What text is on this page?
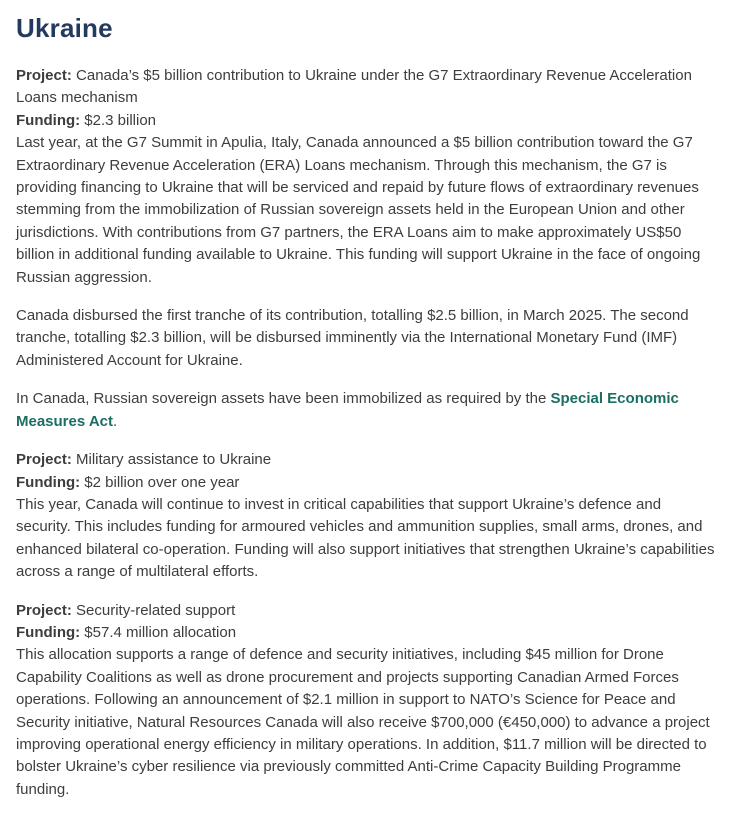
Ukraine

Project: Canada’s $5 billion contribution to Ukraine under the G7 Extraordinary Revenue Acceleration Loans mechanism
Funding: $2.3 billion
Last year, at the G7 Summit in Apulia, Italy, Canada announced a $5 billion contribution toward the G7 Extraordinary Revenue Acceleration (ERA) Loans mechanism. Through this mechanism, the G7 is providing financing to Ukraine that will be serviced and repaid by future flows of extraordinary revenues stemming from the immobilization of Russian sovereign assets held in the European Union and other jurisdictions. With contributions from G7 partners, the ERA Loans aim to make approximately US$50 billion in additional funding available to Ukraine. This funding will support Ukraine in the face of ongoing Russian aggression.

Canada disbursed the first tranche of its contribution, totalling $2.5 billion, in March 2025. The second tranche, totalling $2.3 billion, will be disbursed imminently via the International Monetary Fund (IMF) Administered Account for Ukraine.

In Canada, Russian sovereign assets have been immobilized as required by the Special Economic Measures Act.

Project: Military assistance to Ukraine
Funding: $2 billion over one year
This year, Canada will continue to invest in critical capabilities that support Ukraine’s defence and security. This includes funding for armoured vehicles and ammunition supplies, small arms, drones, and enhanced bilateral co-operation. Funding will also support initiatives that strengthen Ukraine’s capabilities across a range of multilateral efforts.

Project: Security-related support
Funding: $57.4 million allocation
This allocation supports a range of defence and security initiatives, including $45 million for Drone Capability Coalitions as well as drone procurement and projects supporting Canadian Armed Forces operations. Following an announcement of $2.1 million in support to NATO’s Science for Peace and Security initiative, Natural Resources Canada will also receive $700,000 (€450,000) to advance a project improving operational energy efficiency in military operations. In addition, $11.7 million will be directed to bolster Ukraine’s cyber resilience via previously committed Anti-Crime Capacity Building Programme funding.
